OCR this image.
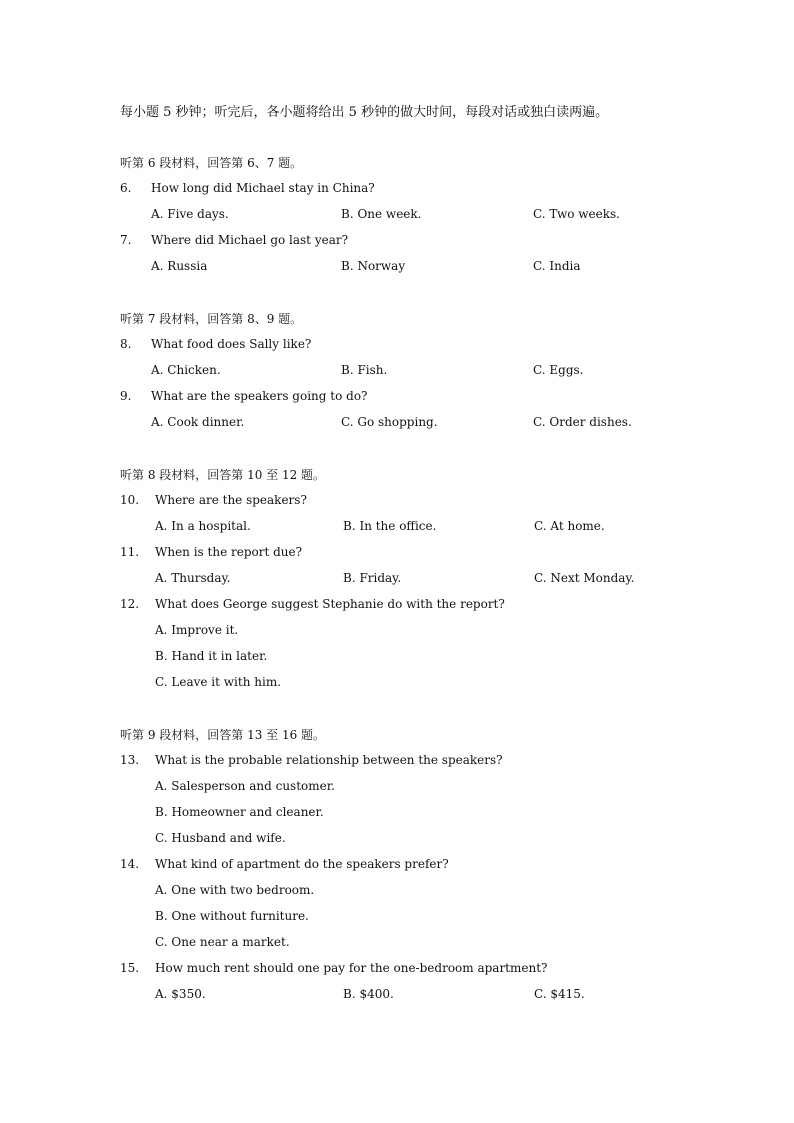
每小题 5 秒钟；听完后，各小题将给出 5 秒钟的做大时间，每段对话或独白读两遍。
听第 6 段材料，回答第 6、7 题。
6. How long did Michael stay in China?
A. Five days.	B. One week.	C. Two weeks.
7. Where did Michael go last year?
A. Russia	B. Norway	C. India
听第 7 段材料，回答第 8、9 题。
8. What food does Sally like?
A. Chicken.	B. Fish.	C. Eggs.
9. What are the speakers going to do?
A. Cook dinner.	C. Go shopping.	C. Order dishes.
听第 8 段材料，回答第 10 至 12 题。
10. Where are the speakers?
A. In a hospital.	B. In the office.	C. At home.
11. When is the report due?
A. Thursday.	B. Friday.	C. Next Monday.
12. What does George suggest Stephanie do with the report?
A. Improve it.
B. Hand it in later.
C. Leave it with him.
听第 9 段材料，回答第 13 至 16 题。
13. What is the probable relationship between the speakers?
A. Salesperson and customer.
B. Homeowner and cleaner.
C. Husband and wife.
14. What kind of apartment do the speakers prefer?
A. One with two bedroom.
B. One without furniture.
C. One near a market.
15. How much rent should one pay for the one-bedroom apartment?
A. $350.	B. $400.	C. $415.
